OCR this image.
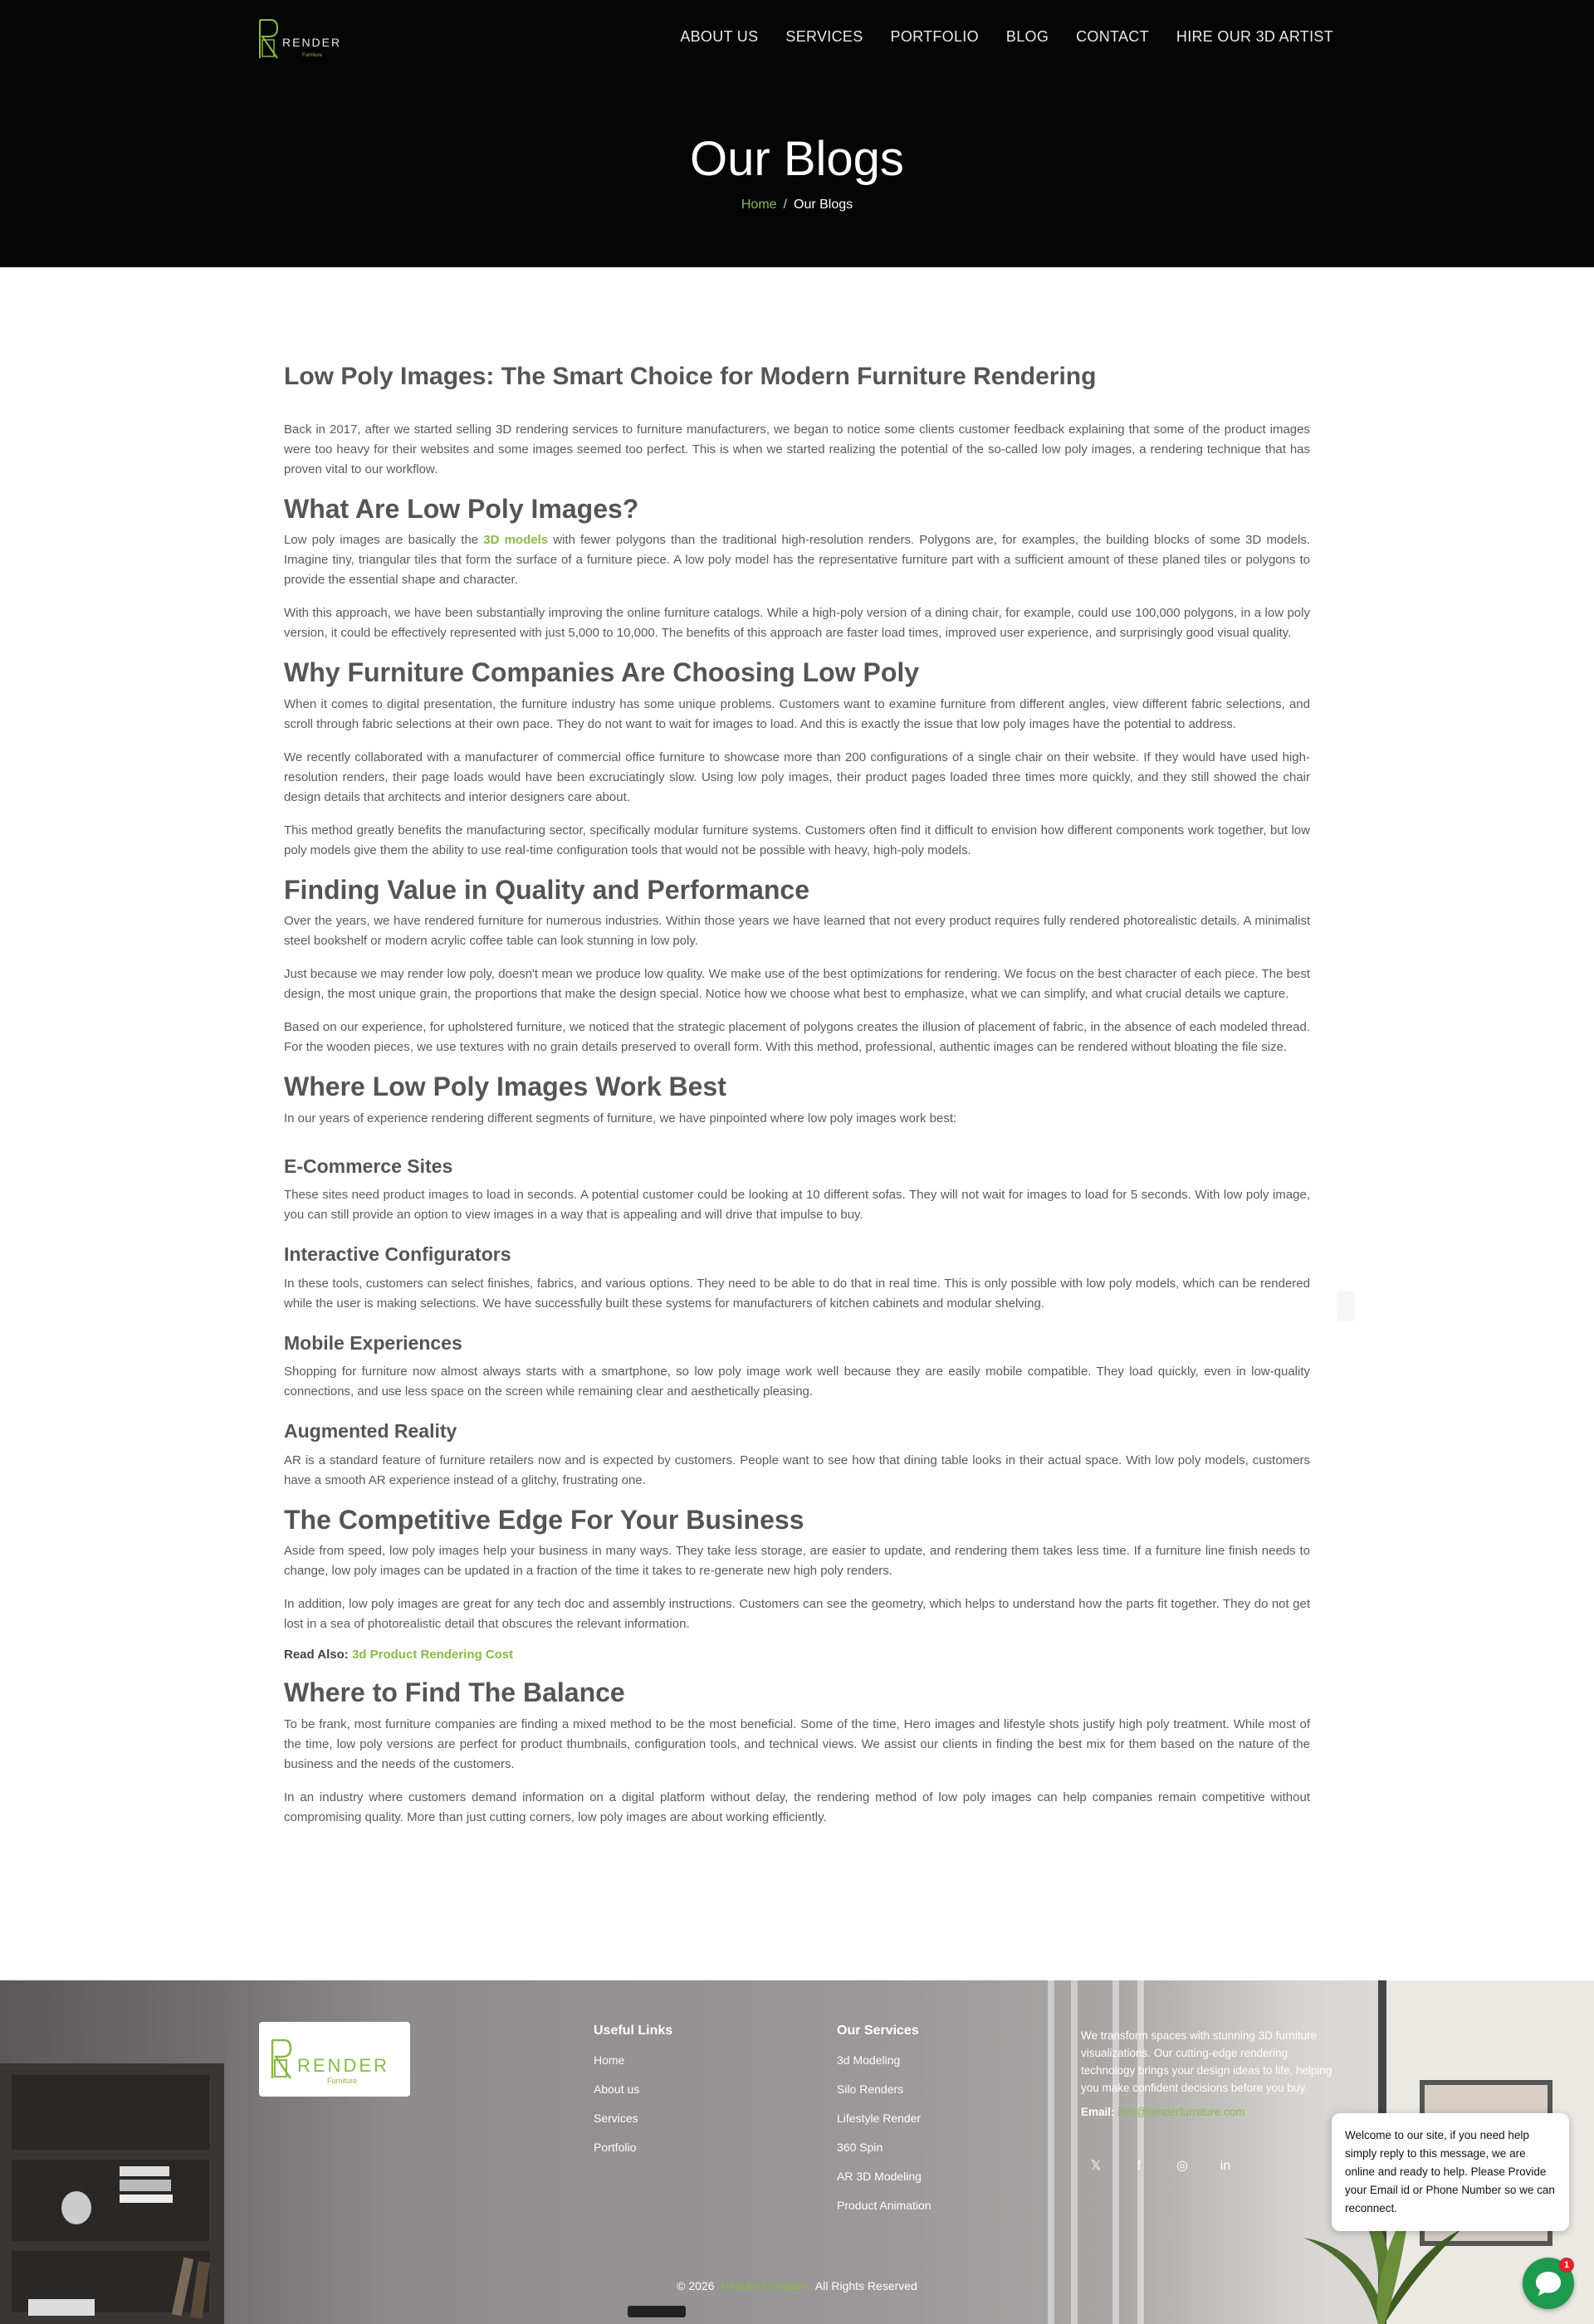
RENDER
Furniture
ABOUT US SERVICES PORTFOLIO BLOG CONTACT HIRE OUR 3D ARTIST
Our Blogs
Home / Our Blogs
Low Poly Images: The Smart Choice for Modern Furniture Rendering

Back in 2017, after we started selling 3D rendering services to furniture manufacturers, we began to notice some clients customer feedback explaining that some of the product images were too heavy for their websites and some images seemed too perfect. This is when we started realizing the potential of the so-called low poly images, a rendering technique that has proven vital to our workflow.

What Are Low Poly Images?

Low poly images are basically the 3D models with fewer polygons than the traditional high-resolution renders. Polygons are, for examples, the building blocks of some 3D models. Imagine tiny, triangular tiles that form the surface of a furniture piece. A low poly model has the representative furniture part with a sufficient amount of these planed tiles or polygons to provide the essential shape and character.

With this approach, we have been substantially improving the online furniture catalogs. While a high-poly version of a dining chair, for example, could use 100,000 polygons, in a low poly version, it could be effectively represented with just 5,000 to 10,000. The benefits of this approach are faster load times, improved user experience, and surprisingly good visual quality.

Why Furniture Companies Are Choosing Low Poly

When it comes to digital presentation, the furniture industry has some unique problems. Customers want to examine furniture from different angles, view different fabric selections, and scroll through fabric selections at their own pace. They do not want to wait for images to load. And this is exactly the issue that low poly images have the potential to address.

We recently collaborated with a manufacturer of commercial office furniture to showcase more than 200 configurations of a single chair on their website. If they would have used high-resolution renders, their page loads would have been excruciatingly slow. Using low poly images, their product pages loaded three times more quickly, and they still showed the chair design details that architects and interior designers care about.

This method greatly benefits the manufacturing sector, specifically modular furniture systems. Customers often find it difficult to envision how different components work together, but low poly models give them the ability to use real-time configuration tools that would not be possible with heavy, high-poly models.

Finding Value in Quality and Performance

Over the years, we have rendered furniture for numerous industries. Within those years we have learned that not every product requires fully rendered photorealistic details. A minimalist steel bookshelf or modern acrylic coffee table can look stunning in low poly.

Just because we may render low poly, doesn't mean we produce low quality. We make use of the best optimizations for rendering. We focus on the best character of each piece. The best design, the most unique grain, the proportions that make the design special. Notice how we choose what best to emphasize, what we can simplify, and what crucial details we capture.

Based on our experience, for upholstered furniture, we noticed that the strategic placement of polygons creates the illusion of placement of fabric, in the absence of each modeled thread. For the wooden pieces, we use textures with no grain details preserved to overall form. With this method, professional, authentic images can be rendered without bloating the file size.

Where Low Poly Images Work Best

In our years of experience rendering different segments of furniture, we have pinpointed where low poly images work best:

E-Commerce Sites

These sites need product images to load in seconds. A potential customer could be looking at 10 different sofas. They will not wait for images to load for 5 seconds. With low poly image, you can still provide an option to view images in a way that is appealing and will drive that impulse to buy.

Interactive Configurators

In these tools, customers can select finishes, fabrics, and various options. They need to be able to do that in real time. This is only possible with low poly models, which can be rendered while the user is making selections. We have successfully built these systems for manufacturers of kitchen cabinets and modular shelving.

Mobile Experiences

Shopping for furniture now almost always starts with a smartphone, so low poly image work well because they are easily mobile compatible. They load quickly, even in low-quality connections, and use less space on the screen while remaining clear and aesthetically pleasing.

Augmented Reality

AR is a standard feature of furniture retailers now and is expected by customers. People want to see how that dining table looks in their actual space. With low poly models, customers have a smooth AR experience instead of a glitchy, frustrating one.

The Competitive Edge For Your Business

Aside from speed, low poly images help your business in many ways. They take less storage, are easier to update, and rendering them takes less time. If a furniture line finish needs to change, low poly images can be updated in a fraction of the time it takes to re-generate new high poly renders.

In addition, low poly images are great for any tech doc and assembly instructions. Customers can see the geometry, which helps to understand how the parts fit together. They do not get lost in a sea of photorealistic detail that obscures the relevant information.

Read Also: 3d Product Rendering Cost
Where to Find The Balance

To be frank, most furniture companies are finding a mixed method to be the most beneficial. Some of the time, Hero images and lifestyle shots justify high poly treatment. While most of the time, low poly versions are perfect for product thumbnails, configuration tools, and technical views. We assist our clients in finding the best mix for them based on the nature of the business and the needs of the customers.

In an industry where customers demand information on a digital platform without delay, the rendering method of low poly images can help companies remain competitive without compromising quality. More than just cutting corners, low poly images are about working efficiently.

RENDER
Furniture
Useful Links
Home
About us
Services
Portfolio
Our Services
3d Modeling
Silo Renders
Lifestyle Render
360 Spin
AR 3D Modeling
Product Animation
We transform spaces with stunning 3D furniture visualizations. Our cutting-edge rendering technology brings your design ideas to life, helping you make confident decisions before you buy.
Email: info@renderfurniture.com
𝕏	f	◎ in
© 2026 Render Furniture All Rights Reserved
Welcome to our site, if you need help simply reply to this message, we are online and ready to help. Please Provide your Email id or Phone Number so we can reconnect.
1
